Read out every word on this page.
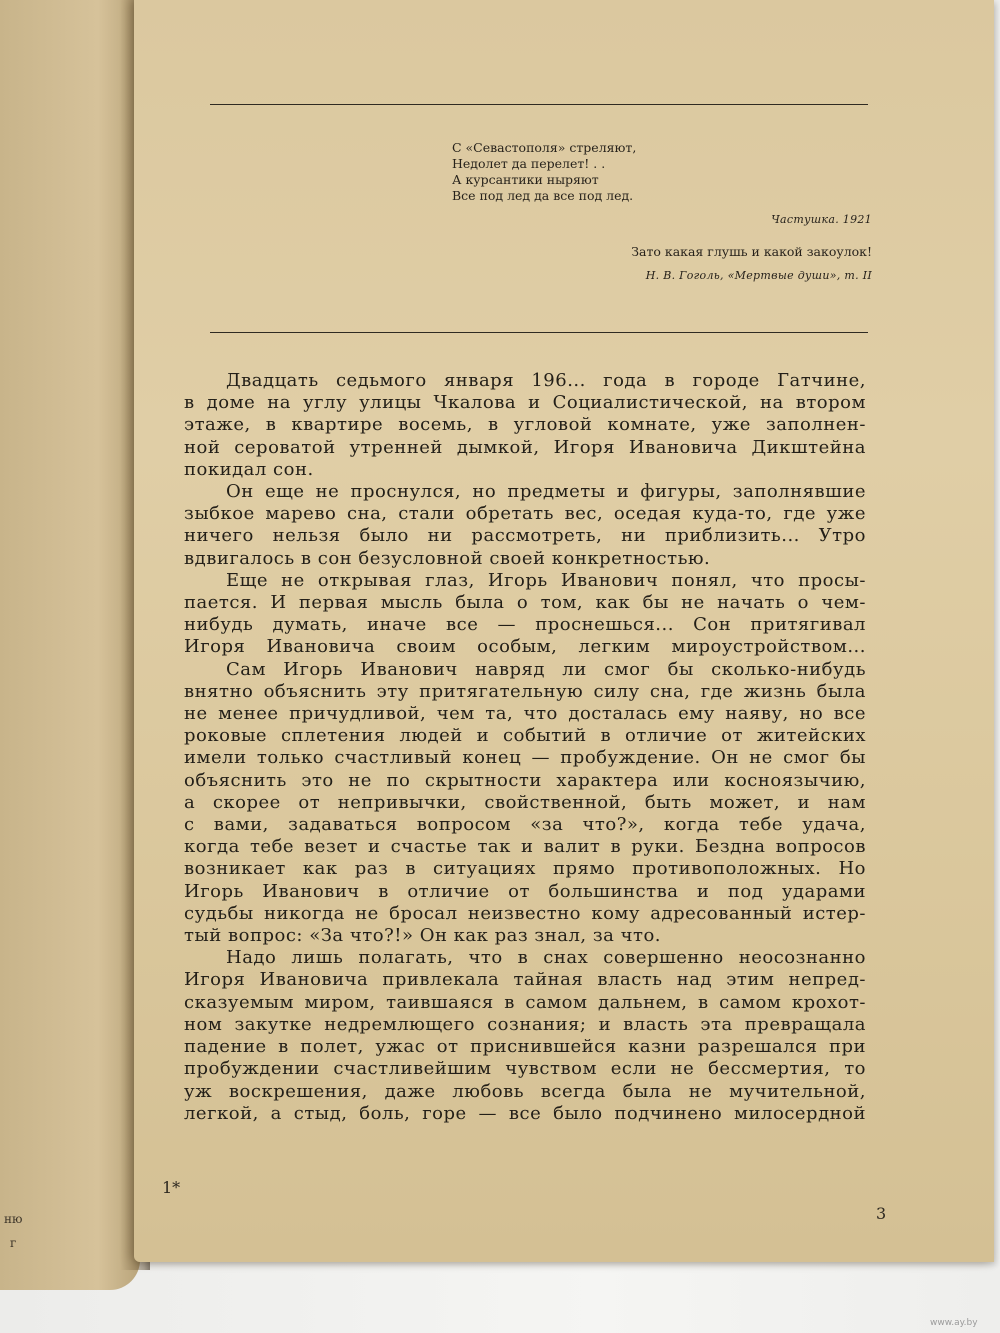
ню
г
С «Севастополя» стреляют,
Недолет да перелет! . .
А курсантики ныряют
Все под лед да все под лед.
Частушка. 1921
Зато какая глушь и какой закоулок!
Н. В. Гоголь, «Мертвые души», т. II

Двадцать седьмого января 196... года в городе Гатчине,
в доме на углу улицы Чкалова и Социалистической, на втором
этаже, в квартире восемь, в угловой комнате, уже заполнен-
ной сероватой утренней дымкой, Игоря Ивановича Дикштейна
покидал сон.

Он еще не проснулся, но предметы и фигуры, заполнявшие
зыбкое марево сна, стали обретать вес, оседая куда-то, где уже
ничего нельзя было ни рассмотреть, ни приблизить... Утро
вдвигалось в сон безусловной своей конкретностью.

Еще не открывая глаз, Игорь Иванович понял, что просы-
пается. И первая мысль была о том, как бы не начать о чем-
нибудь думать, иначе все — проснешься... Сон притягивал
Игоря Ивановича своим особым, легким мироустройством...

Сам Игорь Иванович навряд ли смог бы сколько-нибудь
внятно объяснить эту притягательную силу сна, где жизнь была
не менее причудливой, чем та, что досталась ему наяву, но все
роковые сплетения людей и событий в отличие от житейских
имели только счастливый конец — пробуждение. Он не смог бы
объяснить это не по скрытности характера или косноязычию,
а скорее от непривычки, свойственной, быть может, и нам
с вами, задаваться вопросом «за что?», когда тебе удача,
когда тебе везет и счастье так и валит в руки. Бездна вопросов
возникает как раз в ситуациях прямо противоположных. Но
Игорь Иванович в отличие от большинства и под ударами
судьбы никогда не бросал неизвестно кому адресованный истер-
тый вопрос: «За что?!» Он как раз знал, за что.

Надо лишь полагать, что в снах совершенно неосознанно
Игоря Ивановича привлекала тайная власть над этим непред-
сказуемым миром, таившаяся в самом дальнем, в самом крохот-
ном закутке недремлющего сознания; и власть эта превращала
падение в полет, ужас от приснившейся казни разрешался при
пробуждении счастливейшим чувством если не бессмертия, то
уж воскрешения, даже любовь всегда была не мучительной,
легкой, а стыд, боль, горе — все было подчинено милосердной

1*
3
www.ay.by
